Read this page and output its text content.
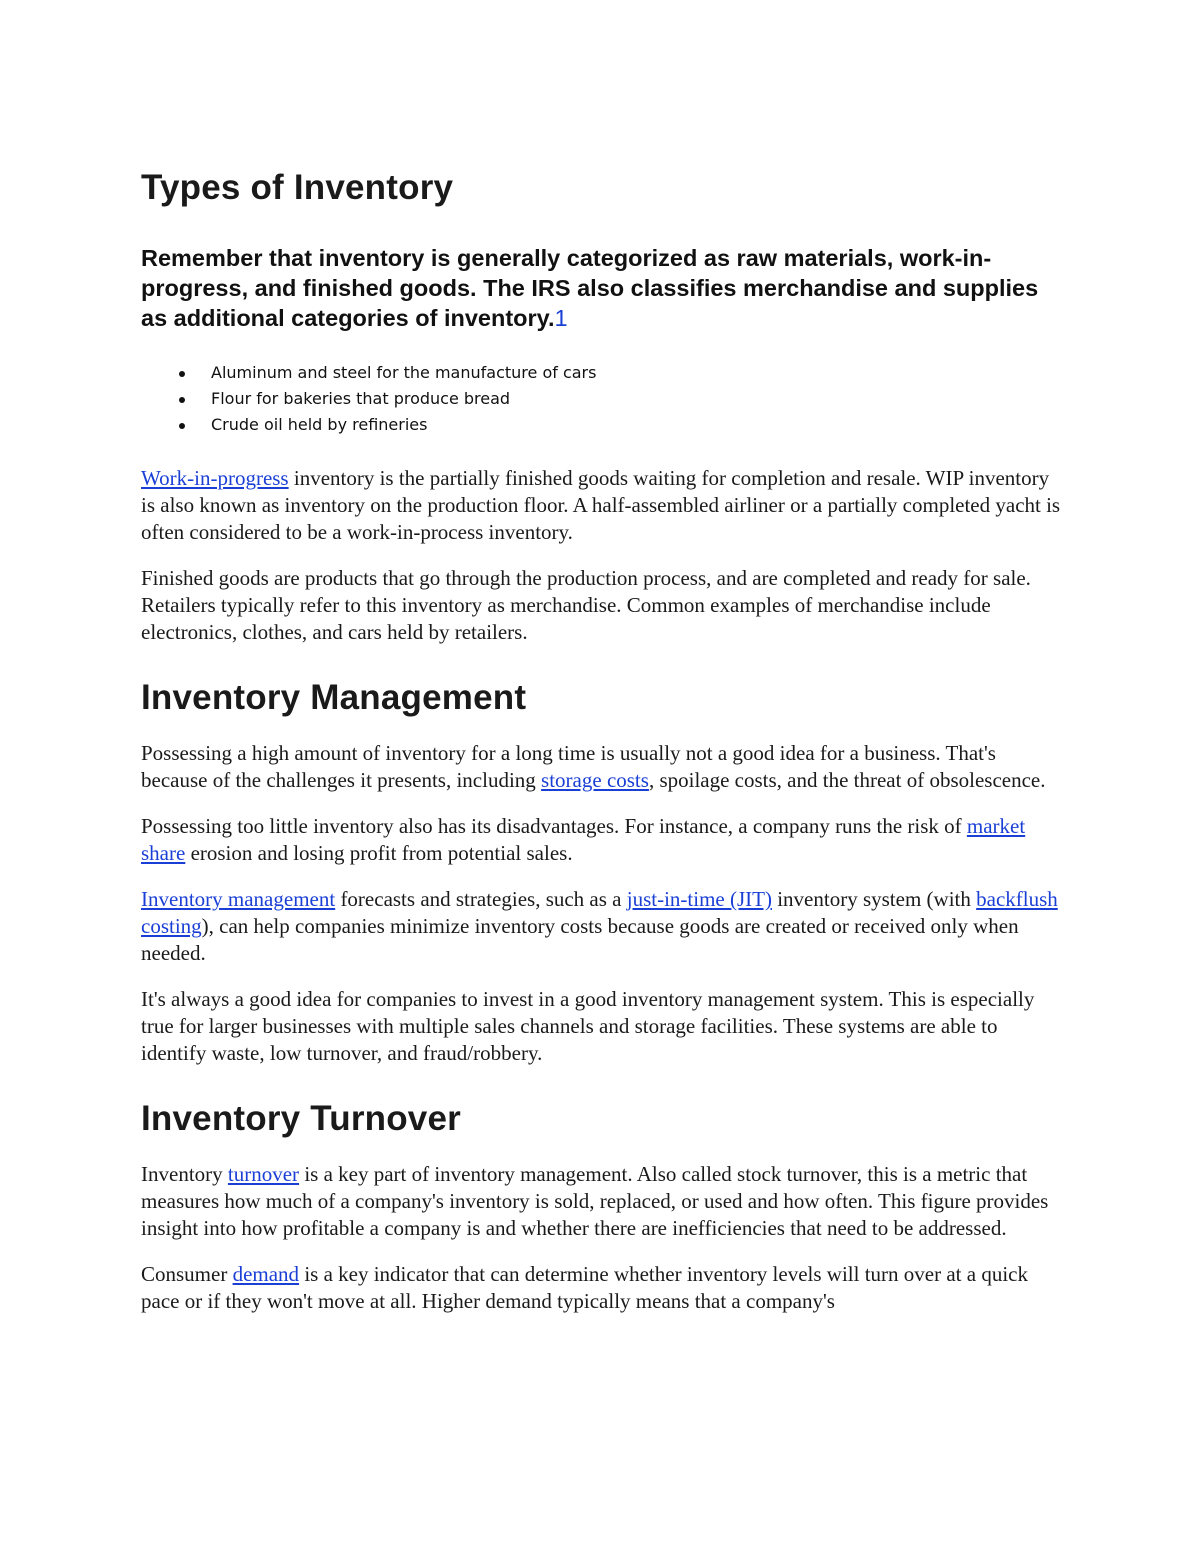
Types of Inventory

Remember that inventory is generally categorized as raw materials, work-in-progress, and finished goods. The IRS also classifies merchandise and supplies as additional categories of inventory.1

Aluminum and steel for the manufacture of cars
Flour for bakeries that produce bread
Crude oil held by refineries

Work-in-progress inventory is the partially finished goods waiting for completion and resale. WIP inventory is also known as inventory on the production floor. A half-assembled airliner or a partially completed yacht is often considered to be a work-in-process inventory.

Finished goods are products that go through the production process, and are completed and ready for sale. Retailers typically refer to this inventory as merchandise. Common examples of merchandise include electronics, clothes, and cars held by retailers.

Inventory Management

Possessing a high amount of inventory for a long time is usually not a good idea for a business. That's because of the challenges it presents, including storage costs, spoilage costs, and the threat of obsolescence.

Possessing too little inventory also has its disadvantages. For instance, a company runs the risk of market share erosion and losing profit from potential sales.

Inventory management forecasts and strategies, such as a just-in-time (JIT) inventory system (with backflush costing), can help companies minimize inventory costs because goods are created or received only when needed.

It's always a good idea for companies to invest in a good inventory management system. This is especially true for larger businesses with multiple sales channels and storage facilities. These systems are able to identify waste, low turnover, and fraud/robbery.

Inventory Turnover

Inventory turnover is a key part of inventory management. Also called stock turnover, this is a metric that measures how much of a company's inventory is sold, replaced, or used and how often. This figure provides insight into how profitable a company is and whether there are inefficiencies that need to be addressed.

Consumer demand is a key indicator that can determine whether inventory levels will turn over at a quick pace or if they won't move at all. Higher demand typically means that a company's
